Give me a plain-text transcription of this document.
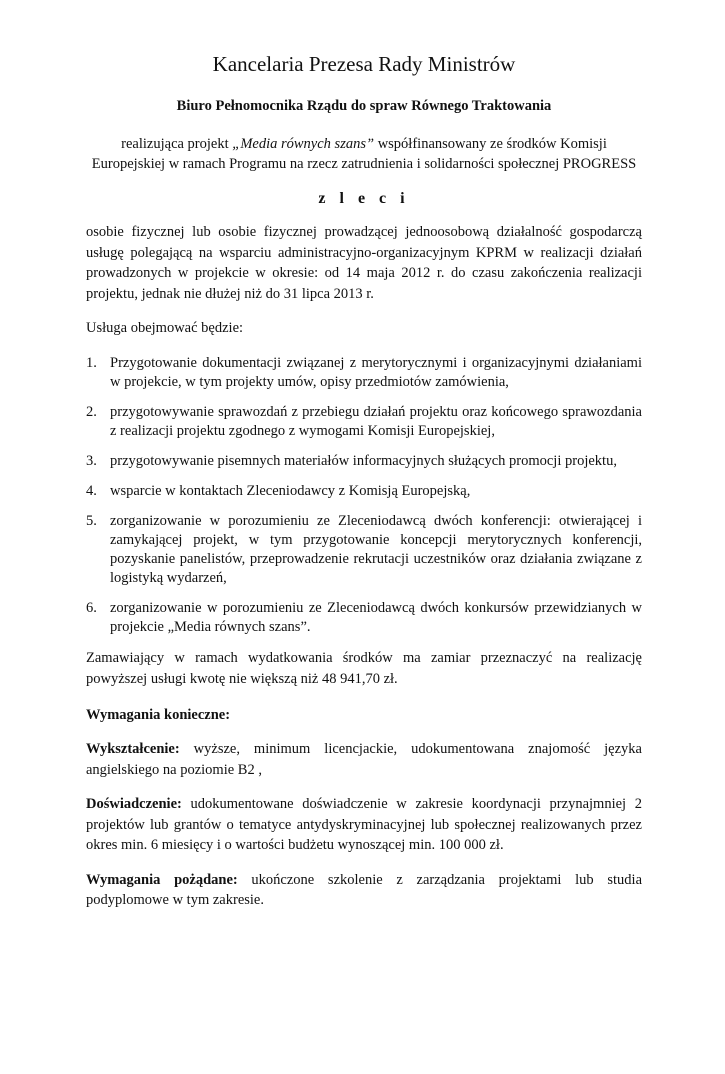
Kancelaria Prezesa Rady Ministrów
Biuro Pełnomocnika Rządu do spraw Równego Traktowania
realizująca projekt „Media równych szans” współfinansowany ze środków Komisji Europejskiej w ramach Programu na rzecz zatrudnienia i solidarności społecznej PROGRESS
z l e c i

osobie fizycznej lub osobie fizycznej prowadzącej jednoosobową działalność gospodarczą usługę polegającą na wsparciu administracyjno-organizacyjnym KPRM w realizacji działań prowadzonych w projekcie w okresie: od 14 maja 2012 r. do czasu zakończenia realizacji projektu, jednak nie dłużej niż do 31 lipca 2013 r.

Usługa obejmować będzie:

1. Przygotowanie dokumentacji związanej z merytorycznymi i organizacyjnymi działaniami w projekcie, w tym projekty umów, opisy przedmiotów zamówienia,
2. przygotowywanie sprawozdań z przebiegu działań projektu oraz końcowego sprawozdania z realizacji projektu zgodnego z wymogami Komisji Europejskiej,
3. przygotowywanie pisemnych materiałów informacyjnych służących promocji projektu,
4. wsparcie w kontaktach Zleceniodawcy z Komisją Europejską,
5. zorganizowanie w porozumieniu ze Zleceniodawcą dwóch konferencji: otwierającej i zamykającej projekt, w tym przygotowanie koncepcji merytorycznych konferencji, pozyskanie panelistów, przeprowadzenie rekrutacji uczestników oraz działania związane z logistyką wydarzeń,
6. zorganizowanie w porozumieniu ze Zleceniodawcą dwóch konkursów przewidzianych w projekcie „Media równych szans”.

Zamawiający w ramach wydatkowania środków ma zamiar przeznaczyć na realizację powyższej usługi kwotę nie większą niż 48 941,70 zł.

Wymagania konieczne:

Wykształcenie: wyższe, minimum licencjackie, udokumentowana znajomość języka angielskiego na poziomie B2 ,

Doświadczenie: udokumentowane doświadczenie w zakresie koordynacji przynajmniej 2 projektów lub grantów o tematyce antydyskryminacyjnej lub społecznej realizowanych przez okres min. 6 miesięcy i o wartości budżetu wynoszącej min. 100 000 zł.

Wymagania pożądane: ukończone szkolenie z zarządzania projektami lub studia podyplomowe w tym zakresie.
